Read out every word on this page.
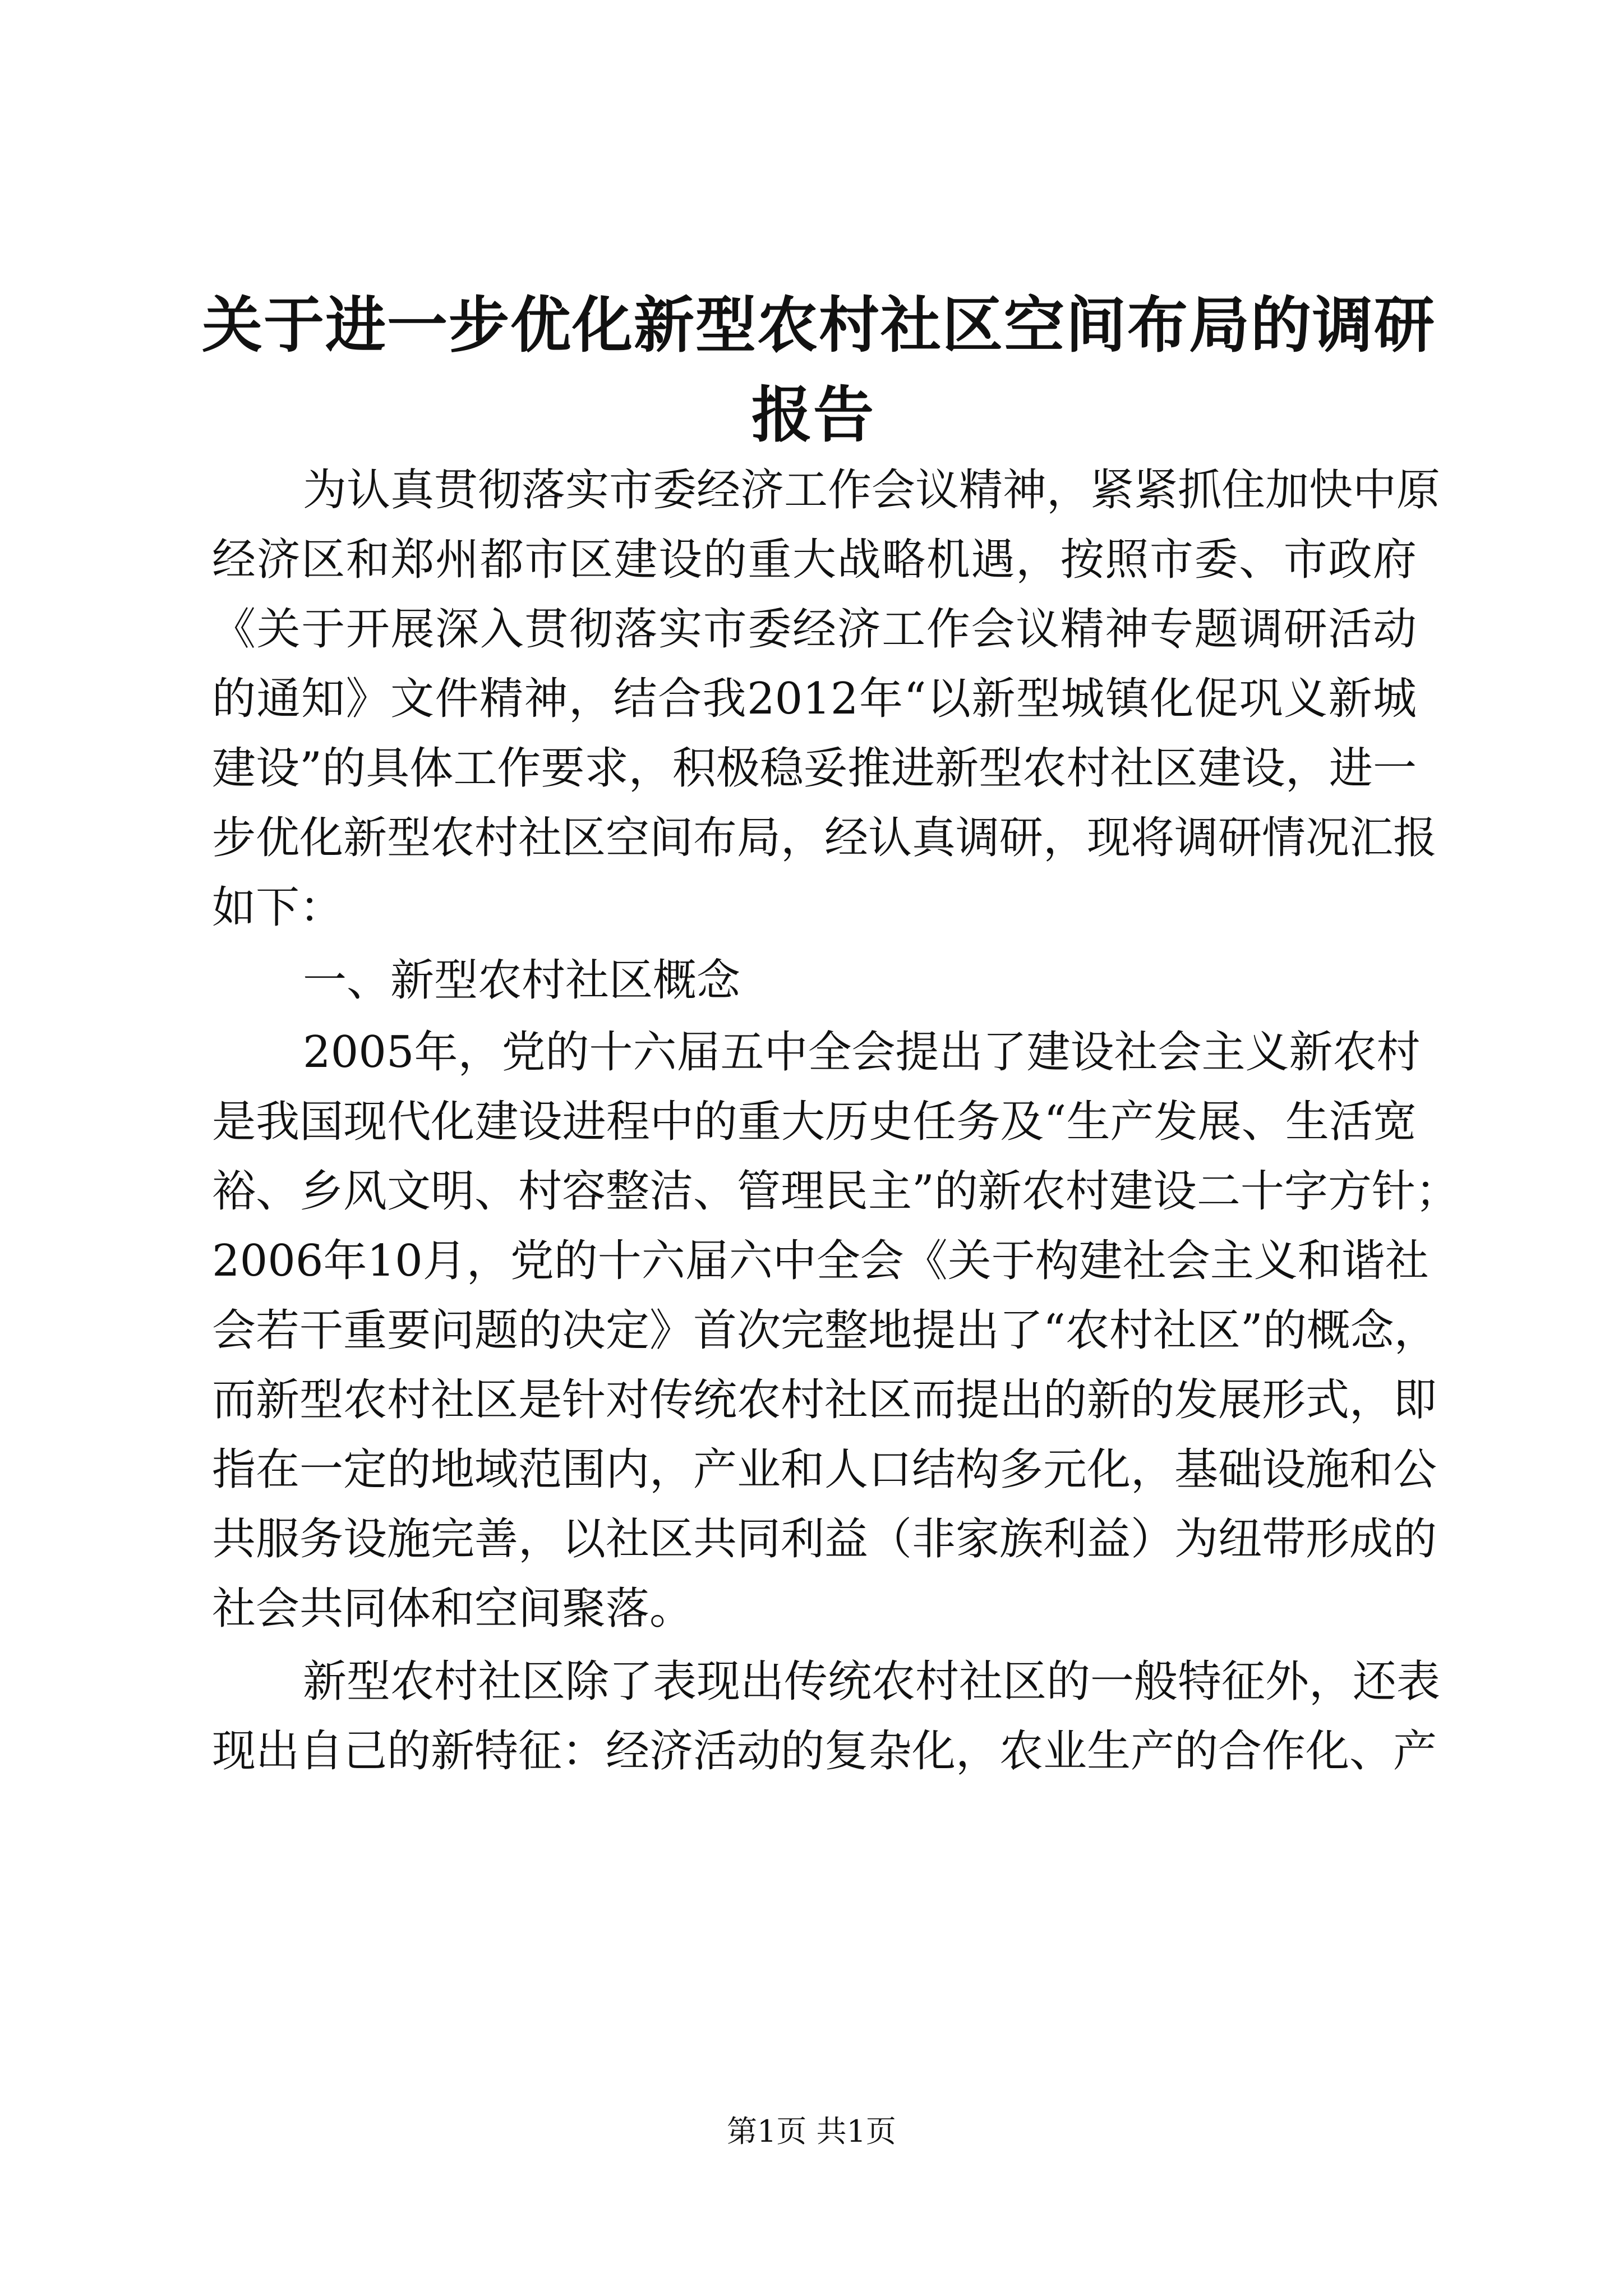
关于进一步优化新型农村社区空间布局的调研
报告
为认真贯彻落实市委经济工作会议精神，紧紧抓住加快中原
经济区和郑州都市区建设的重大战略机遇，按照市委、市政府
《关于开展深入贯彻落实市委经济工作会议精神专题调研活动
的通知》文件精神，结合我2012年“以新型城镇化促巩义新城
建设”的具体工作要求，积极稳妥推进新型农村社区建设，进一
步优化新型农村社区空间布局，经认真调研，现将调研情况汇报
如下：
一、新型农村社区概念
2005年，党的十六届五中全会提出了建设社会主义新农村
是我国现代化建设进程中的重大历史任务及“生产发展、生活宽
裕、乡风文明、村容整洁、管理民主”的新农村建设二十字方针；
2006年10月，党的十六届六中全会《关于构建社会主义和谐社
会若干重要问题的决定》首次完整地提出了“农村社区”的概念，
而新型农村社区是针对传统农村社区而提出的新的发展形式，即
指在一定的地域范围内，产业和人口结构多元化，基础设施和公
共服务设施完善，以社区共同利益（非家族利益）为纽带形成的
社会共同体和空间聚落。
新型农村社区除了表现出传统农村社区的一般特征外，还表
现出自己的新特征：经济活动的复杂化，农业生产的合作化、产
第1页 共1页
